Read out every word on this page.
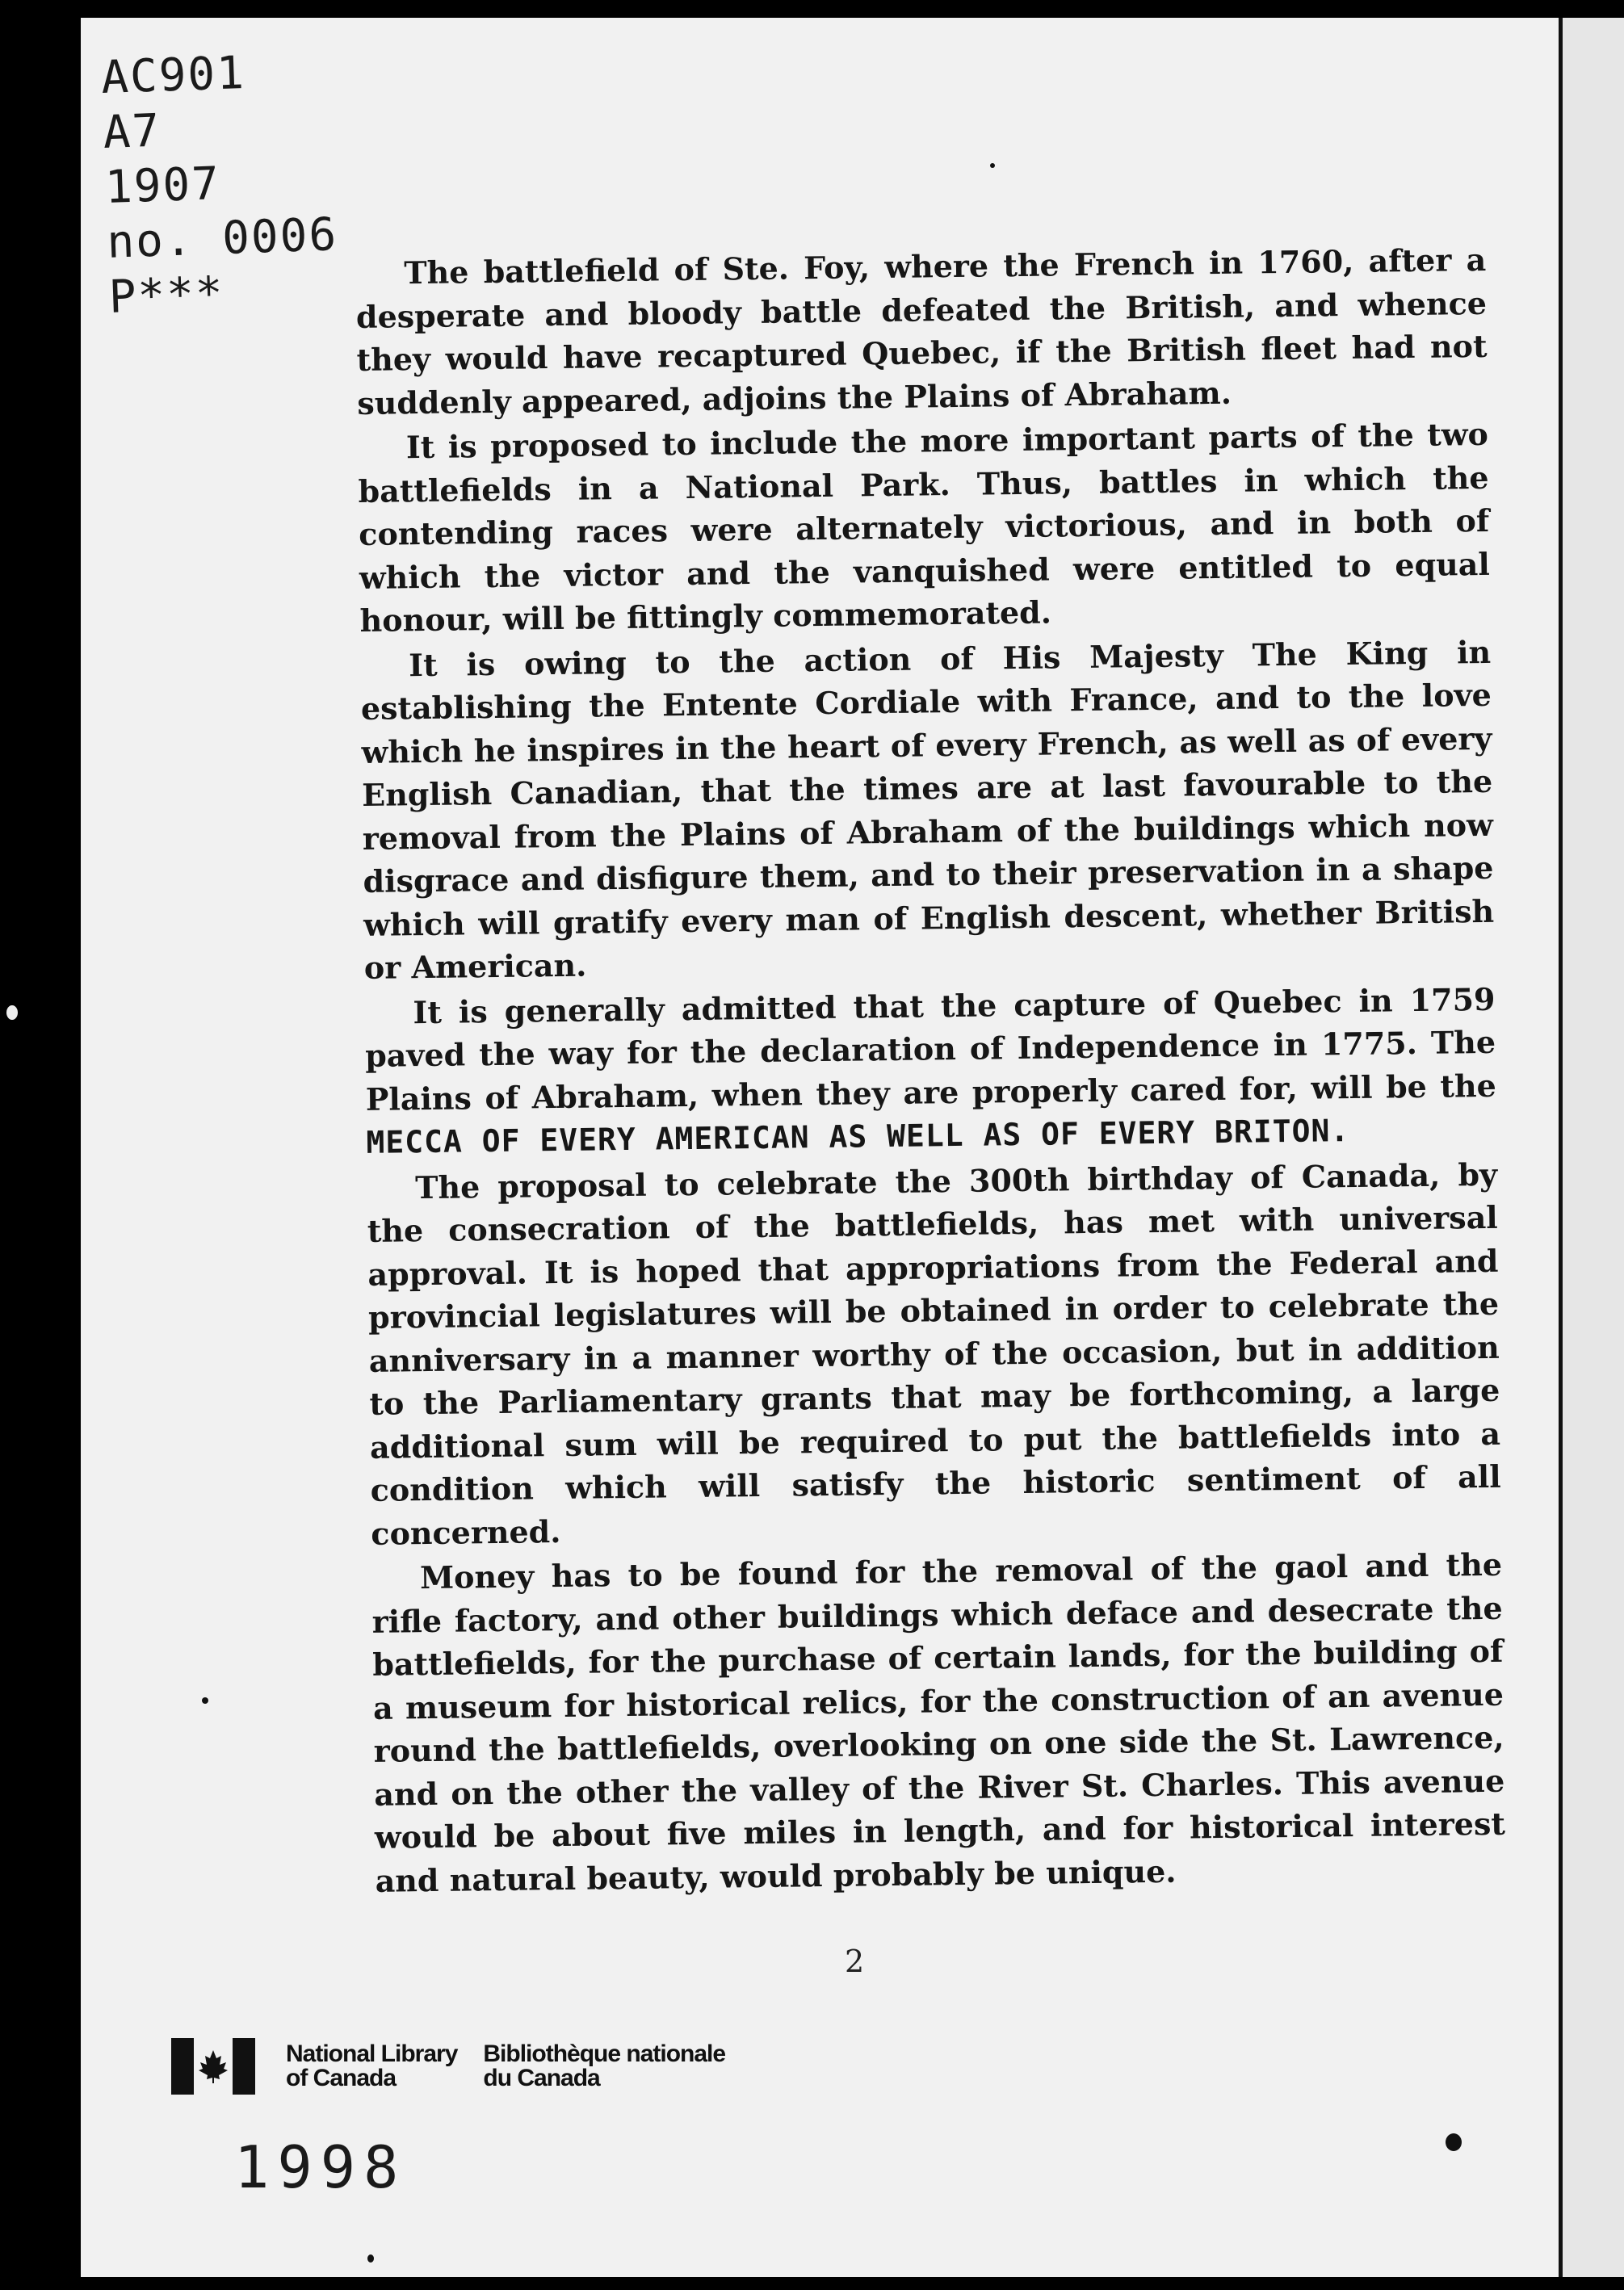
AC901
A7
1907
no. 0006
P***

The battlefield of Ste. Foy, where the French in 1760, after a desperate and bloody battle defeated the British, and whence they would have recaptured Quebec, if the British fleet had not suddenly appeared, adjoins the Plains of Abraham.

It is proposed to include the more important parts of the two battlefields in a National Park. Thus, battles in which the contending races were alternately victorious, and in both of which the victor and the vanquished were entitled to equal honour, will be fittingly commemorated.

It is owing to the action of His Majesty The King in establishing the Entente Cordiale with France, and to the love which he inspires in the heart of every French, as well as of every English Canadian, that the times are at last favourable to the removal from the Plains of Abraham of the buildings which now disgrace and disfigure them, and to their preservation in a shape which will gratify every man of English descent, whether British or American.

It is generally admitted that the capture of Quebec in 1759 paved the way for the declaration of Independence in 1775. The Plains of Abraham, when they are properly cared for, will be the MECCA OF EVERY AMERICAN AS WELL AS OF EVERY BRITON.

The proposal to celebrate the 300th birthday of Canada, by the consecration of the battlefields, has met with universal approval. It is hoped that appropriations from the Federal and provincial legislatures will be obtained in order to celebrate the anniversary in a manner worthy of the occasion, but in addition to the Parliamentary grants that may be forthcoming, a large additional sum will be required to put the battlefields into a condition which will satisfy the historic sentiment of all concerned.

Money has to be found for the removal of the gaol and the rifle factory, and other buildings which deface and desecrate the battlefields, for the purchase of certain lands, for the building of a museum for historical relics, for the construction of an avenue round the battlefields, overlooking on one side the St. Lawrence, and on the other the valley of the River St. Charles. This avenue would be about five miles in length, and for historical interest and natural beauty, would probably be unique.

2
National Library
of Canada
Bibliothèque nationale
du Canada
1998
